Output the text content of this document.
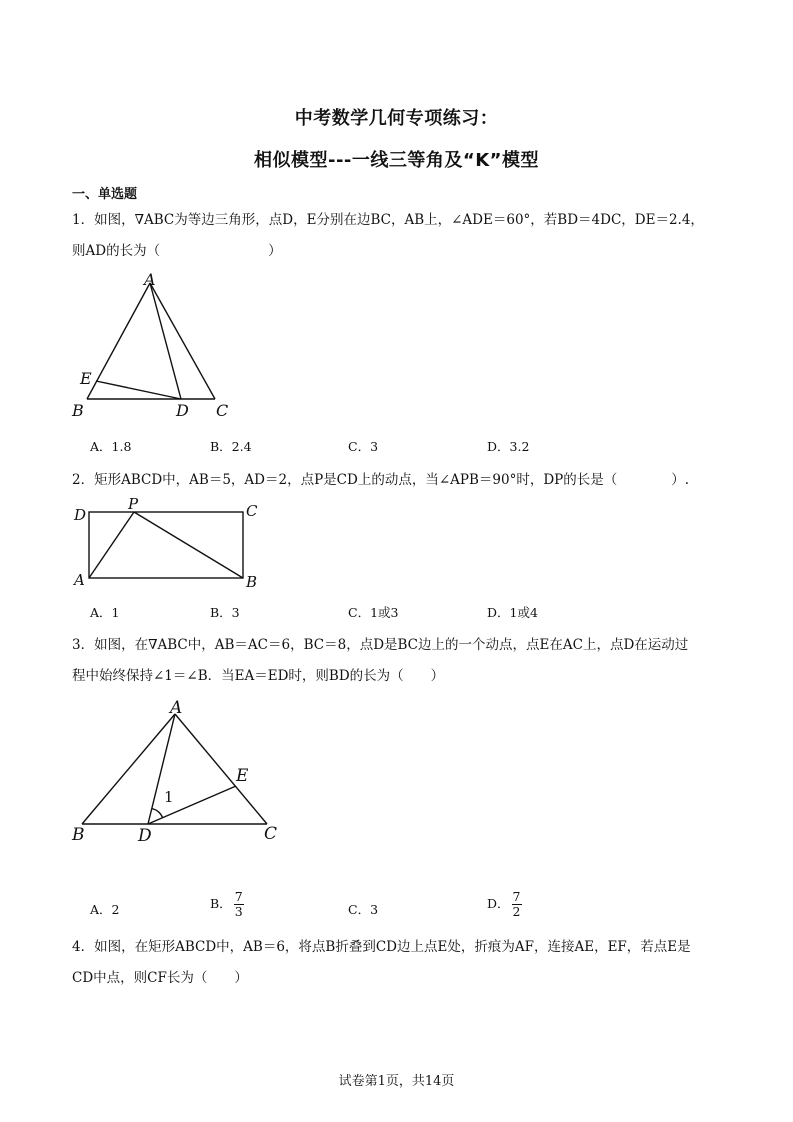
中考数学几何专项练习：
相似模型---一线三等角及“K”模型
一、单选题
1．如图，∇ABC为等边三角形，点D，E分别在边BC，AB上，∠ADE＝60°，若BD＝4DC，DE＝2.4，
则AD的长为（　　　　　　　　）
A
E
B	D C
A．1.8	B．2.4	C．3	D．3.2
2．矩形ABCD中，AB＝5，AD＝2，点P是CD上的动点，当∠APB＝90°时，DP的长是（　　　　）.
D
P	C
A	B
A．1	B．3	C．1或3	D．1或4
3．如图，在∇ABC中，AB＝AC＝6，BC＝8，点D是BC边上的一个动点，点E在AC上，点D在运动过
程中始终保持∠1＝∠B．当EA＝ED时，则BD的长为（　　）
A
E
B	D	C
1
A．2	B． $\frac{7}{3}$	C．3	D． $\frac{7}{2}$
4．如图，在矩形ABCD中，AB＝6，将点B折叠到CD边上点E处，折痕为AF，连接AE，EF，若点E是
CD中点，则CF长为（　　）
试卷第1页，共14页
